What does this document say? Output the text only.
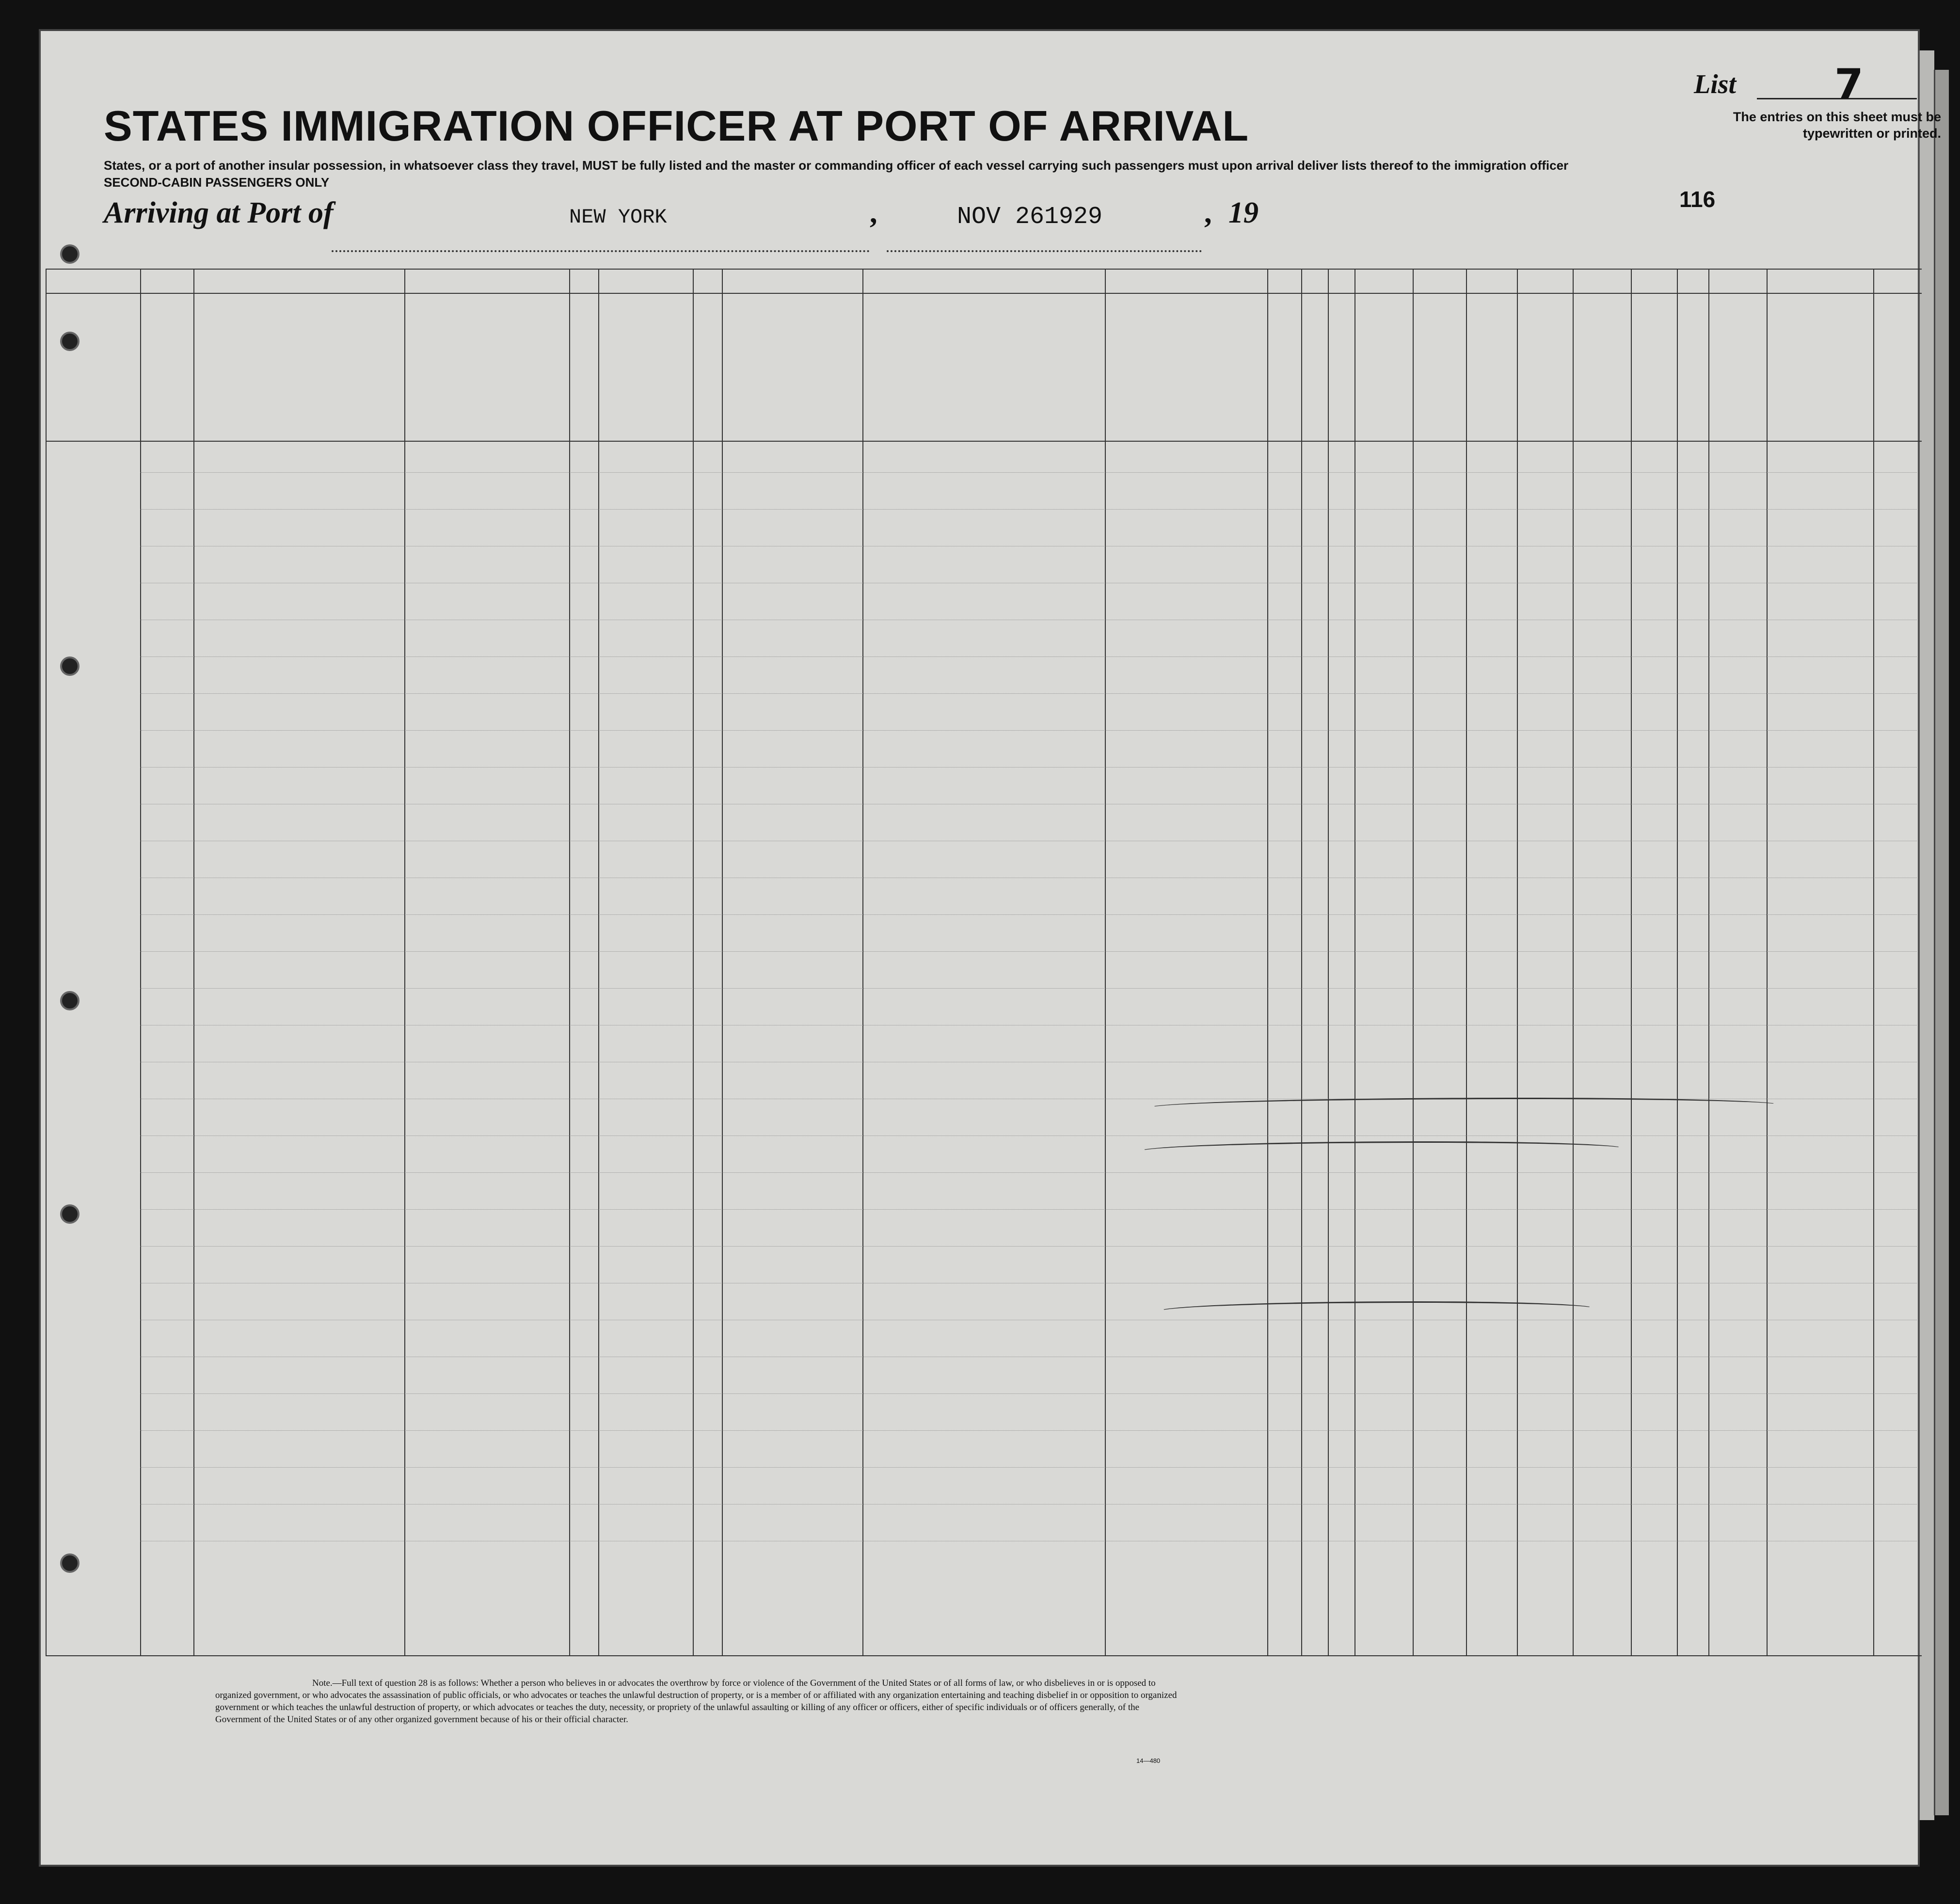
List 7
The entries on this sheet must be typewritten or printed.
116
STATES IMMIGRATION OFFICER AT PORT OF ARRIVAL
States, or a port of another insular possession, in whatsoever class they travel, MUST be fully listed and the master or commanding officer of each vessel carrying such passengers must upon arrival deliver lists thereof to the immigration officer
SECOND-CABIN PASSENGERS ONLY
Arriving at Port of	NEW YORK	,	NOV 261929	, 19
Note.—Full text of question 28 is as follows: Whether a person who believes in or advocates the overthrow by force or violence of the Government of the United States or of all forms of law, or who disbelieves in or is opposed to organized government, or who advocates the assassination of public officials, or who advocates or teaches the unlawful destruction of property, or is a member of or affiliated with any organization entertaining and teaching disbelief in or opposition to organized government or which teaches the unlawful destruction of property, or which advocates or teaches the duty, necessity, or propriety of the unlawful assaulting or killing of any officer or officers, either of specific individuals or of officers generally, of the Government of the United States or of any other organized government because of his or their official character.
14—480
